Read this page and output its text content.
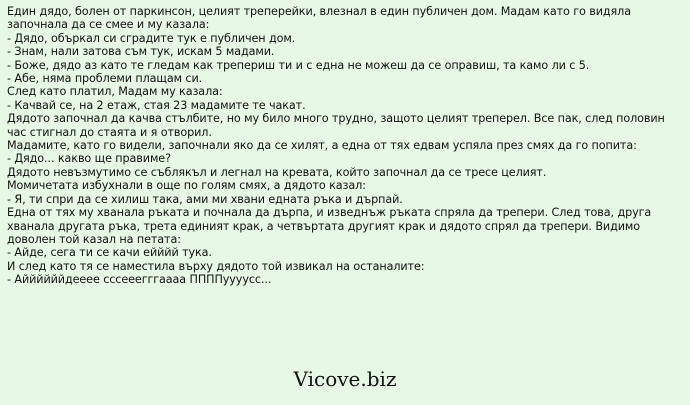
Един дядо, болен от паркинсон, целият треперейки, влезнал в един публичен дом. Мадам като го видяла започнала да се смее и му казала:

- Дядо, объркал си сградите тук е публичен дом.

- Знам, нали затова съм тук, искам 5 мадами.

- Боже, дядо аз като те гледам как трепериш ти и с една не можеш да се оправиш, та камо ли с 5.

- Абе, няма проблеми плащам си.

След като платил, Мадам му казала:

- Качвай се, на 2 етаж, стая 23 мадамите те чакат.

Дядото започнал да качва стълбите, но му било много трудно, защото целият треперел. Все пак, след половин час стигнал до стаята и я отворил.

Мадамите, като го видели, започнали яко да се хилят, а една от тях едвам успяла през смях да го попита:

- Дядо... какво ще правиме?

Дядото невъзмутимо се съблякъл и легнал на кревата, който започнал да се тресе целият.

Момичетата избухнали в още по голям смях, а дядото казал:

- Я, ти спри да се хилиш така, ами ми хвани едната ръка и дърпай.

Една от тях му хванала ръката и почнала да дърпа, и изведнъж ръката спряла да трепери. След това, друга хванала другата ръка, трета единият крак, а четвъртата другият крак и дядото спрял да трепери. Видимо доволен той казал на петата:

- Айде, сега ти се качи ейййй тука.

И след като тя се наместила върху дядото той извикал на останалите:

- Аййййййдееее сссееегггаааа ППППуууусс...

Vicove.biz
